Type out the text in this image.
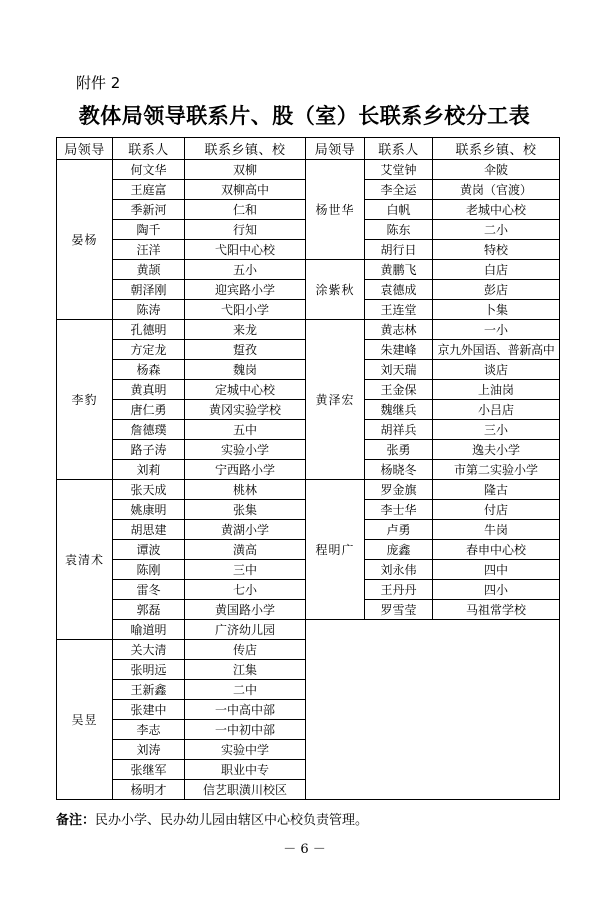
附件 2
教体局领导联系片、股（室）长联系乡校分工表
局领导	联系人	联系乡镇、校	局领导	联系人	联系乡镇、校
晏杨	何文华	双柳	杨世华	艾堂钟	伞陂
	王庭富	双柳高中		李全运	黄岗（官渡）
	季新河	仁和		白帆	老城中心校
	陶千	行知		陈东	二小
	汪洋	弋阳中心校		胡行日	特校
	黄颉	五小	涂紫秋	黄鹏飞	白店
	朝泽刚	迎宾路小学		袁德成	彭店
	陈涛	弋阳小学		王连堂	卜集
李豹	孔德明	来龙	黄泽宏	黄志林	一小
	方定龙	踅孜		朱建峰	京九外国语、普新高中
	杨森	魏岗		刘天瑞	谈店
	黄真明	定城中心校		王金保	上油岗
	唐仁勇	黄冈实验学校		魏继兵	小吕店
	詹德璞	五中		胡祥兵	三小
	路子涛	实验小学		张勇	逸夫小学
	刘莉	宁西路小学		杨晓冬	市第二实验小学
袁清术	张天成	桃林	程明广	罗金旗	隆古
	姚康明	张集		李士华	付店
	胡思建	黄湖小学		卢勇	牛岗
	谭波	潢高		庞鑫	春申中心校
	陈刚	三中		刘永伟	四中
	雷冬	七小		王丹丹	四小
	郭磊	黄国路小学		罗雪莹	马祖常学校
	喻道明	广济幼儿园			
吴昱	关大清	传店			
	张明远	江集			
	王新鑫	二中			
	张建中	一中高中部			
	李志	一中初中部			
	刘涛	实验中学			
	张继军	职业中专			
	杨明才	信艺职潢川校区			
备注：民办小学、民办幼儿园由辖区中心校负责管理。
－ 6 －
